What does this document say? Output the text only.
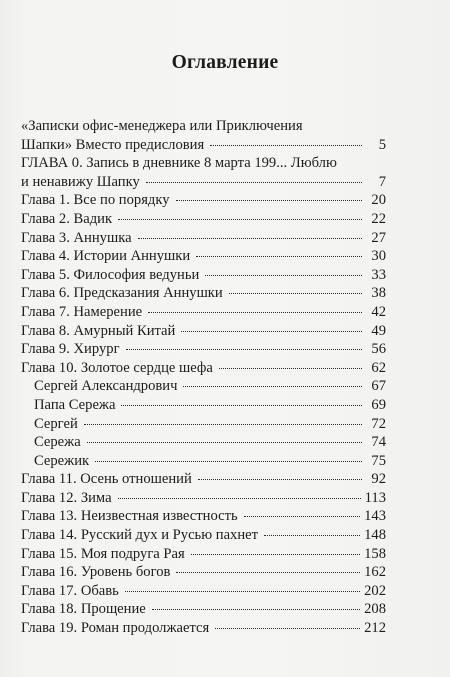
Оглавление
«Записки офис-менеджера или Приключения
Шапки» Вместо предисловия	5
ГЛАВА 0. Запись в дневнике 8 марта 199... Люблю
и ненавижу Шапку	7
Глава 1. Все по порядку	20
Глава 2. Вадик	22
Глава 3. Аннушка	27
Глава 4. Истории Аннушки	30
Глава 5. Философия ведуньи	33
Глава 6. Предсказания Аннушки	38
Глава 7. Намерение	42
Глава 8. Амурный Китай	49
Глава 9. Хирург	56
Глава 10. Золотое сердце шефа	62
Сергей Александрович	67
Папа Сережа	69
Сергей	72
Сережа	74
Сережик	75
Глава 11. Осень отношений	92
Глава 12. Зима	113
Глава 13. Неизвестная известность	143
Глава 14. Русский дух и Русью пахнет	148
Глава 15. Моя подруга Рая	158
Глава 16. Уровень богов	162
Глава 17. Обавь	202
Глава 18. Прощение	208
Глава 19. Роман продолжается	212
